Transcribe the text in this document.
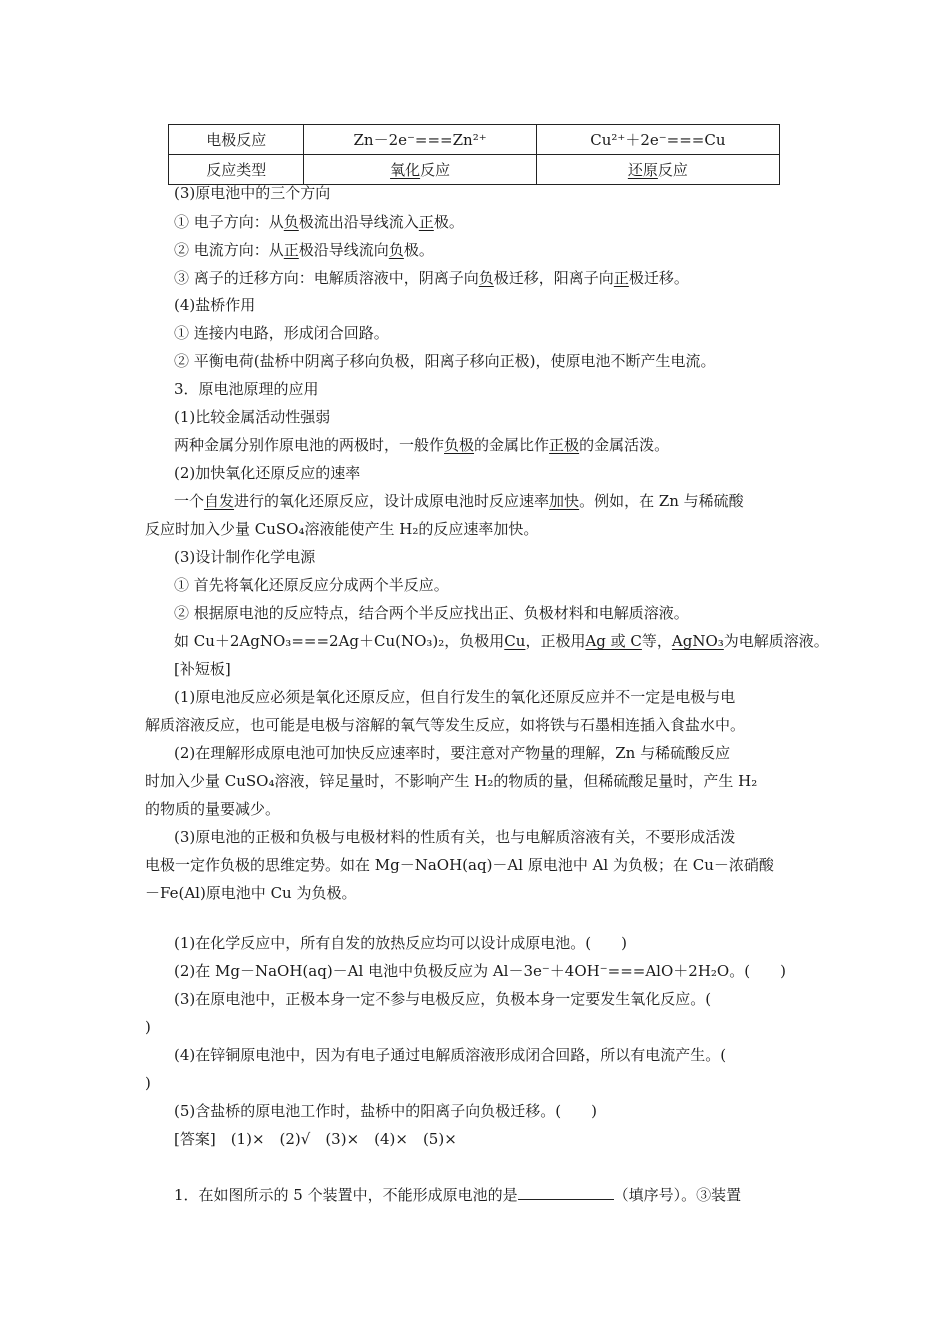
电极反应	Zn－2e⁻===Zn²⁺	Cu²⁺＋2e⁻===Cu
反应类型	氧化反应	还原反应
(3)原电池中的三个方向
① 电子方向：从负极流出沿导线流入正极。
② 电流方向：从正极沿导线流向负极。
③ 离子的迁移方向：电解质溶液中，阴离子向负极迁移，阳离子向正极迁移。
(4)盐桥作用
① 连接内电路，形成闭合回路。
② 平衡电荷(盐桥中阴离子移向负极，阳离子移向正极)，使原电池不断产生电流。
3．原电池原理的应用
(1)比较金属活动性强弱
两种金属分别作原电池的两极时，一般作负极的金属比作正极的金属活泼。
(2)加快氧化还原反应的速率
一个自发进行的氧化还原反应，设计成原电池时反应速率加快。例如，在 Zn 与稀硫酸
反应时加入少量 CuSO₄溶液能使产生 H₂的反应速率加快。
(3)设计制作化学电源
① 首先将氧化还原反应分成两个半反应。
② 根据原电池的反应特点，结合两个半反应找出正、负极材料和电解质溶液。
如 Cu＋2AgNO₃===2Ag＋Cu(NO₃)₂，负极用Cu，正极用Ag 或 C等，AgNO₃为电解质溶液。
[补短板]
(1)原电池反应必须是氧化还原反应，但自行发生的氧化还原反应并不一定是电极与电
解质溶液反应，也可能是电极与溶解的氧气等发生反应，如将铁与石墨相连插入食盐水中。
(2)在理解形成原电池可加快反应速率时，要注意对产物量的理解，Zn 与稀硫酸反应
时加入少量 CuSO₄溶液，锌足量时，不影响产生 H₂的物质的量，但稀硫酸足量时，产生 H₂
的物质的量要减少。
(3)原电池的正极和负极与电极材料的性质有关，也与电解质溶液有关，不要形成活泼
电极一定作负极的思维定势。如在 Mg－NaOH(aq)－Al 原电池中 Al 为负极；在 Cu－浓硝酸
－Fe(Al)原电池中 Cu 为负极。
(1)在化学反应中，所有自发的放热反应均可以设计成原电池。(　　)
(2)在 Mg－NaOH(aq)－Al 电池中负极反应为 Al－3e⁻＋4OH⁻===AlO＋2H₂O。(　　)
(3)在原电池中，正极本身一定不参与电极反应，负极本身一定要发生氧化反应。(
)
(4)在锌铜原电池中，因为有电子通过电解质溶液形成闭合回路，所以有电流产生。(
)
(5)含盐桥的原电池工作时，盐桥中的阳离子向负极迁移。(　　)
[答案]　(1)×　(2)√　(3)×　(4)×　(5)×
1．在如图所示的 5 个装置中，不能形成原电池的是	（填序号）。③装置
